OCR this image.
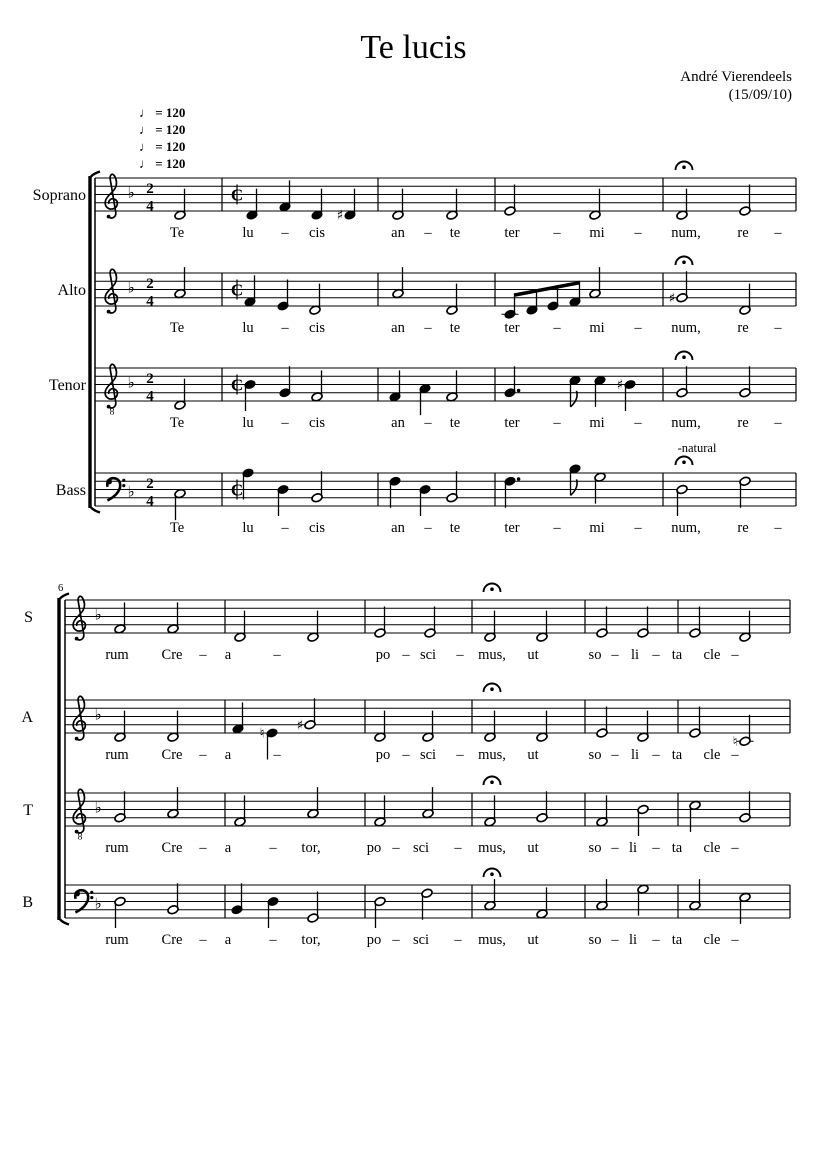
Te lucis
André Vierendeels
(15/09/10)
♩ = 120
♩ = 120
♩ = 120
♩ = 120
Soprano	♭ 2
4
C
♯
Te	lu – cis	an – te	ter – mi – num,	re –
Alto	♭ 2
4
C	♯
Te	lu – cis	an – te	ter – mi – num,	re –
Tenor
8
♭ 2
4
C	♯
Te	lu – cis	an – te	ter – mi – num,	re –
Bass	♭ 2
4
C
-natural
Te	lu – cis	an – te	ter – mi – num,	re –
6
S	♭
rum Cre – a	–	po – sci – mus, ut	so – li – ta cle –
A	♭
♮
♯
♮
rum Cre – a	–	po – sci – mus, ut	so – li – ta cle –
T
8
♭
rum Cre – a	– tor,	po – sci – mus, ut	so – li – ta cle –
B	♭
rum Cre – a	– tor,	po – sci – mus, ut	so – li – ta cle –
